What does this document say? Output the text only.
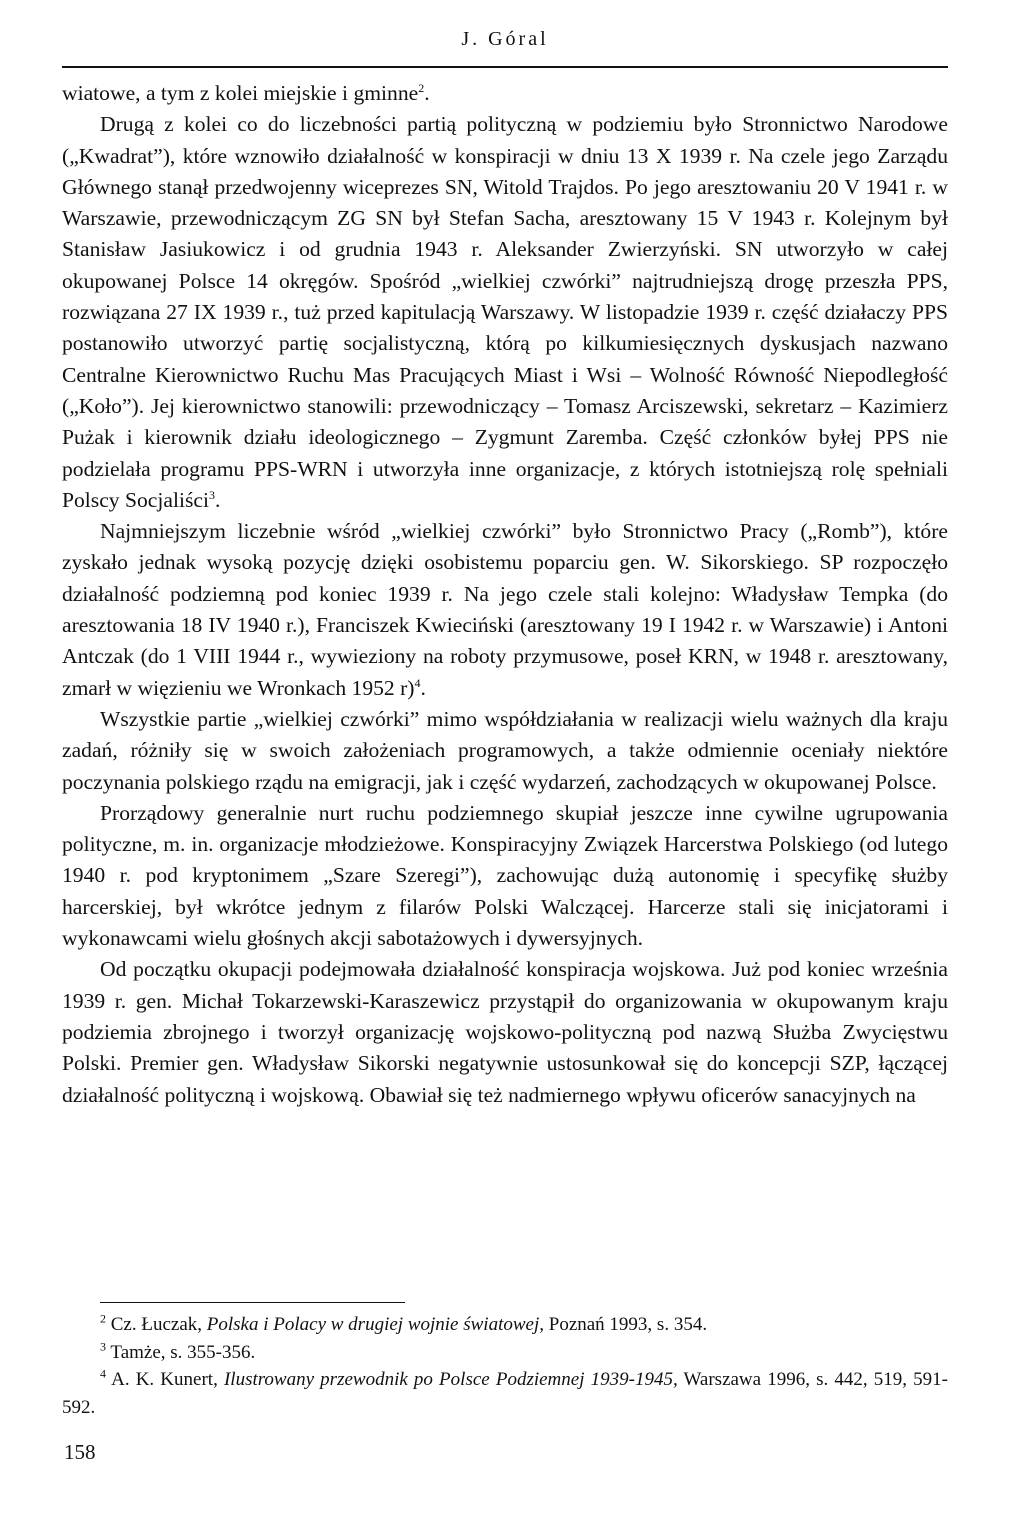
J. Góral

wiatowe, a tym z kolei miejskie i gminne$^2$.

Drugą z kolei co do liczebności partią polityczną w podziemiu było Stronnictwo Narodowe („Kwadrat”), które wznowiło działalność w konspiracji w dniu 13 X 1939 r. Na czele jego Zarządu Głównego stanął przedwojenny wiceprezes SN, Witold Trajdos. Po jego aresztowaniu 20 V 1941 r. w Warszawie, przewodniczącym ZG SN był Stefan Sacha, aresztowany 15 V 1943 r. Kolejnym był Stanisław Jasiukowicz i od grudnia 1943 r. Aleksander Zwierzyński. SN utworzyło w całej okupowanej Polsce 14 okręgów. Spośród „wielkiej czwórki” najtrudniejszą drogę przeszła PPS, rozwiązana 27 IX 1939 r., tuż przed kapitulacją Warszawy. W listopadzie 1939 r. część działaczy PPS postanowiło utworzyć partię socjalistyczną, którą po kilkumiesięcznych dyskusjach nazwano Centralne Kierownictwo Ruchu Mas Pracujących Miast i Wsi – Wolność Równość Niepodległość („Koło”). Jej kierownictwo stanowili: przewodniczący – Tomasz Arciszewski, sekretarz – Kazimierz Pużak i kierownik działu ideologicznego – Zygmunt Zaremba. Część członków byłej PPS nie podzielała programu PPS-WRN i utworzyła inne organizacje, z których istotniejszą rolę spełniali Polscy Socjaliści$^3$.

Najmniejszym liczebnie wśród „wielkiej czwórki” było Stronnictwo Pracy („Romb”), które zyskało jednak wysoką pozycję dzięki osobistemu poparciu gen. W. Sikorskiego. SP rozpoczęło działalność podziemną pod koniec 1939 r. Na jego czele stali kolejno: Władysław Tempka (do aresztowania 18 IV 1940 r.), Franciszek Kwieciński (aresztowany 19 I 1942 r. w Warszawie) i Antoni Antczak (do 1 VIII 1944 r., wywieziony na roboty przymusowe, poseł KRN, w 1948 r. aresztowany, zmarł w więzieniu we Wronkach 1952 r)$^4$.

Wszystkie partie „wielkiej czwórki” mimo współdziałania w realizacji wielu ważnych dla kraju zadań, różniły się w swoich założeniach programowych, a także odmiennie oceniały niektóre poczynania polskiego rządu na emigracji, jak i część wydarzeń, zachodzących w okupowanej Polsce.

Prorządowy generalnie nurt ruchu podziemnego skupiał jeszcze inne cywilne ugrupowania polityczne, m. in. organizacje młodzieżowe. Konspiracyjny Związek Harcerstwa Polskiego (od lutego 1940 r. pod kryptonimem „Szare Szeregi”), zachowując dużą autonomię i specyfikę służby harcerskiej, był wkrótce jednym z filarów Polski Walczącej. Harcerze stali się inicjatorami i wykonawcami wielu głośnych akcji sabotażowych i dywersyjnych.

Od początku okupacji podejmowała działalność konspiracja wojskowa. Już pod koniec września 1939 r. gen. Michał Tokarzewski-Karaszewicz przystąpił do organizowania w okupowanym kraju podziemia zbrojnego i tworzył organizację wojskowo-polityczną pod nazwą Służba Zwycięstwu Polski. Premier gen. Władysław Sikorski negatywnie ustosunkował się do koncepcji SZP, łączącej działalność polityczną i wojskową. Obawiał się też nadmiernego wpływu oficerów sanacyjnych na

$^2$ Cz. Łuczak, Polska i Polacy w drugiej wojnie światowej, Poznań 1993, s. 354.

$^3$ Tamże, s. 355-356.

$^4$ A. K. Kunert, Ilustrowany przewodnik po Polsce Podziemnej 1939-1945, Warszawa 1996, s. 442, 519, 591-592.

158
